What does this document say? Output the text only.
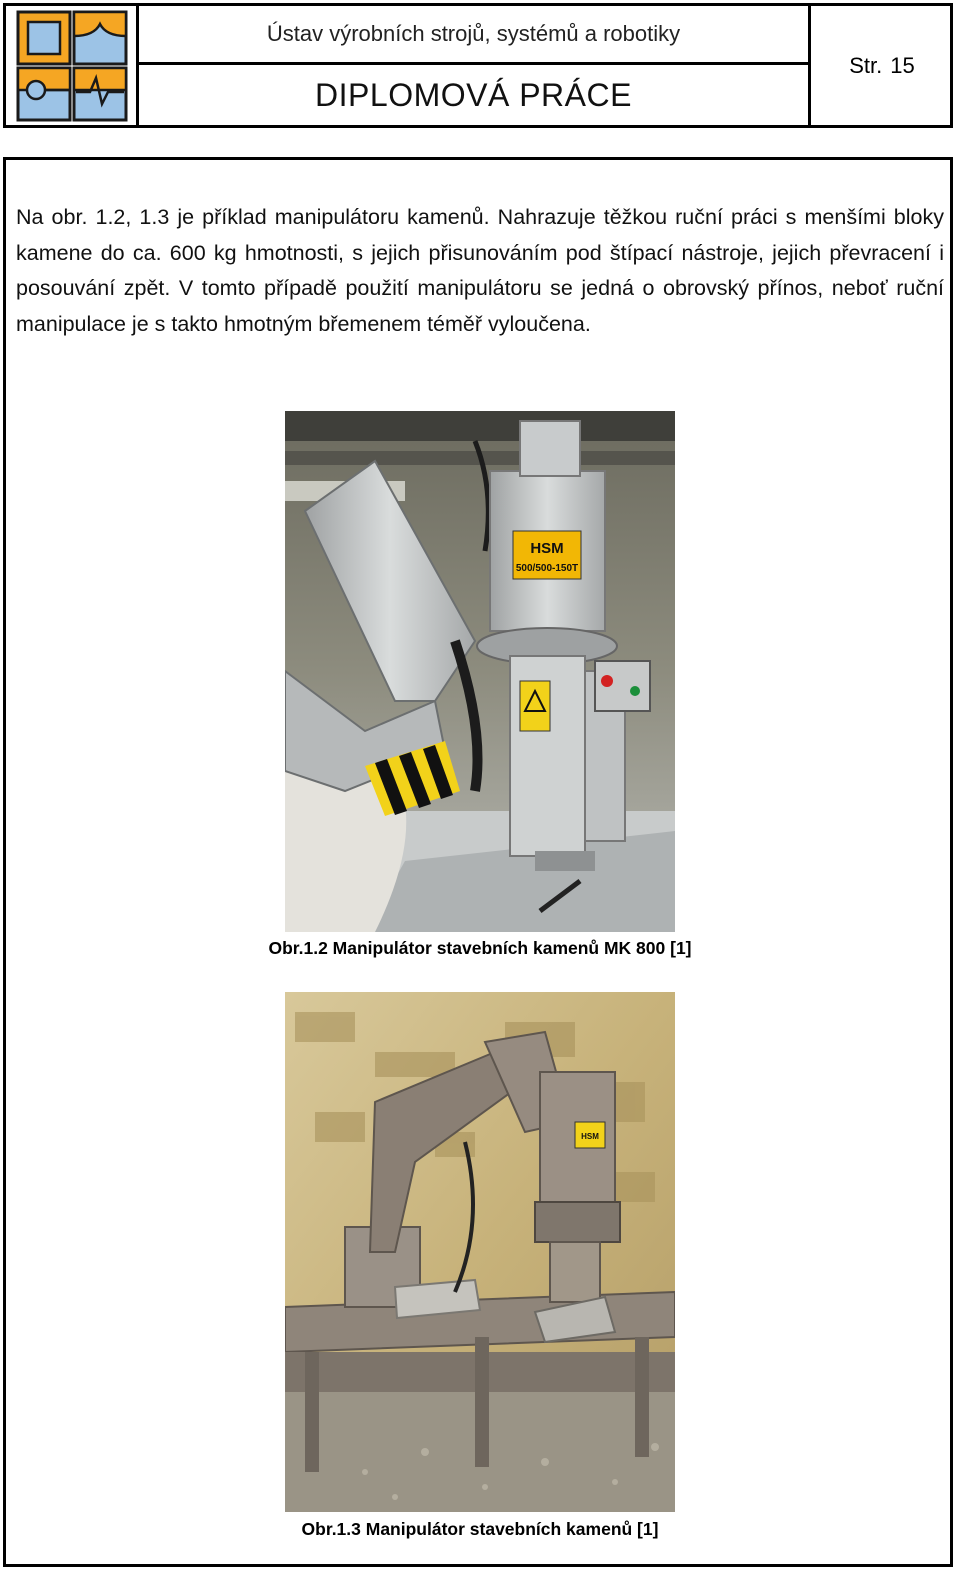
Ústav výrobních strojů, systémů a robotiky
DIPLOMOVÁ PRÁCE
Str. 15

Na obr. 1.2, 1.3 je příklad manipulátoru kamenů. Nahrazuje těžkou ruční práci s menšími bloky kamene do ca. 600 kg hmotnosti, s jejich přisunováním pod štípací nástroje, jejich převracení i posouvání zpět. V tomto případě použití manipulátoru se jedná o obrovský přínos, neboť ruční manipulace je s takto hmotným břemenem téměř vyloučena.

HSM
500/500-150T
Obr.1.2 Manipulátor stavebních kamenů MK 800 [1]
HSM
Obr.1.3 Manipulátor stavebních kamenů [1]
